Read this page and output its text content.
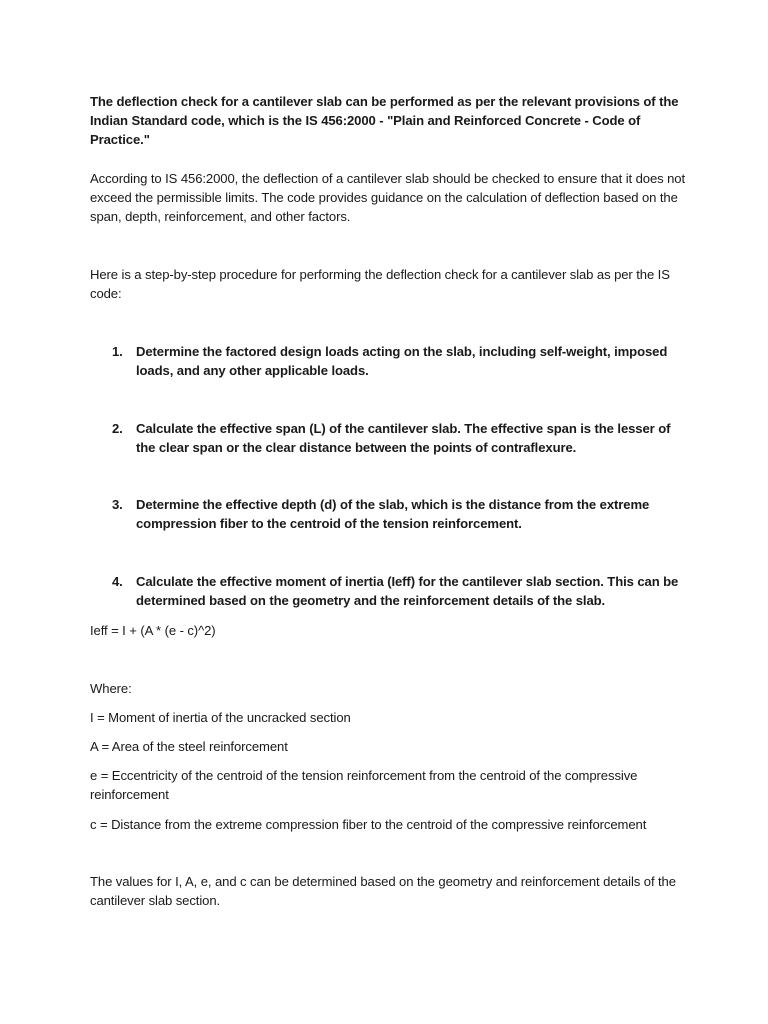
The deflection check for a cantilever slab can be performed as per the relevant provisions of the Indian Standard code, which is the IS 456:2000 - "Plain and Reinforced Concrete - Code of Practice."

According to IS 456:2000, the deflection of a cantilever slab should be checked to ensure that it does not exceed the permissible limits. The code provides guidance on the calculation of deflection based on the span, depth, reinforcement, and other factors.

Here is a step-by-step procedure for performing the deflection check for a cantilever slab as per the IS code:

1.	Determine the factored design loads acting on the slab, including self-weight, imposed loads, and any other applicable loads.
2.	Calculate the effective span (L) of the cantilever slab. The effective span is the lesser of the clear span or the clear distance between the points of contraflexure.
3.	Determine the effective depth (d) of the slab, which is the distance from the extreme compression fiber to the centroid of the tension reinforcement.
4.	Calculate the effective moment of inertia (Ieff) for the cantilever slab section. This can be determined based on the geometry and the reinforcement details of the slab.

Ieff = I + (A * (e - c)^2)

Where:

I = Moment of inertia of the uncracked section

A = Area of the steel reinforcement

e = Eccentricity of the centroid of the tension reinforcement from the centroid of the compressive reinforcement

c = Distance from the extreme compression fiber to the centroid of the compressive reinforcement

The values for I, A, e, and c can be determined based on the geometry and reinforcement details of the cantilever slab section.
